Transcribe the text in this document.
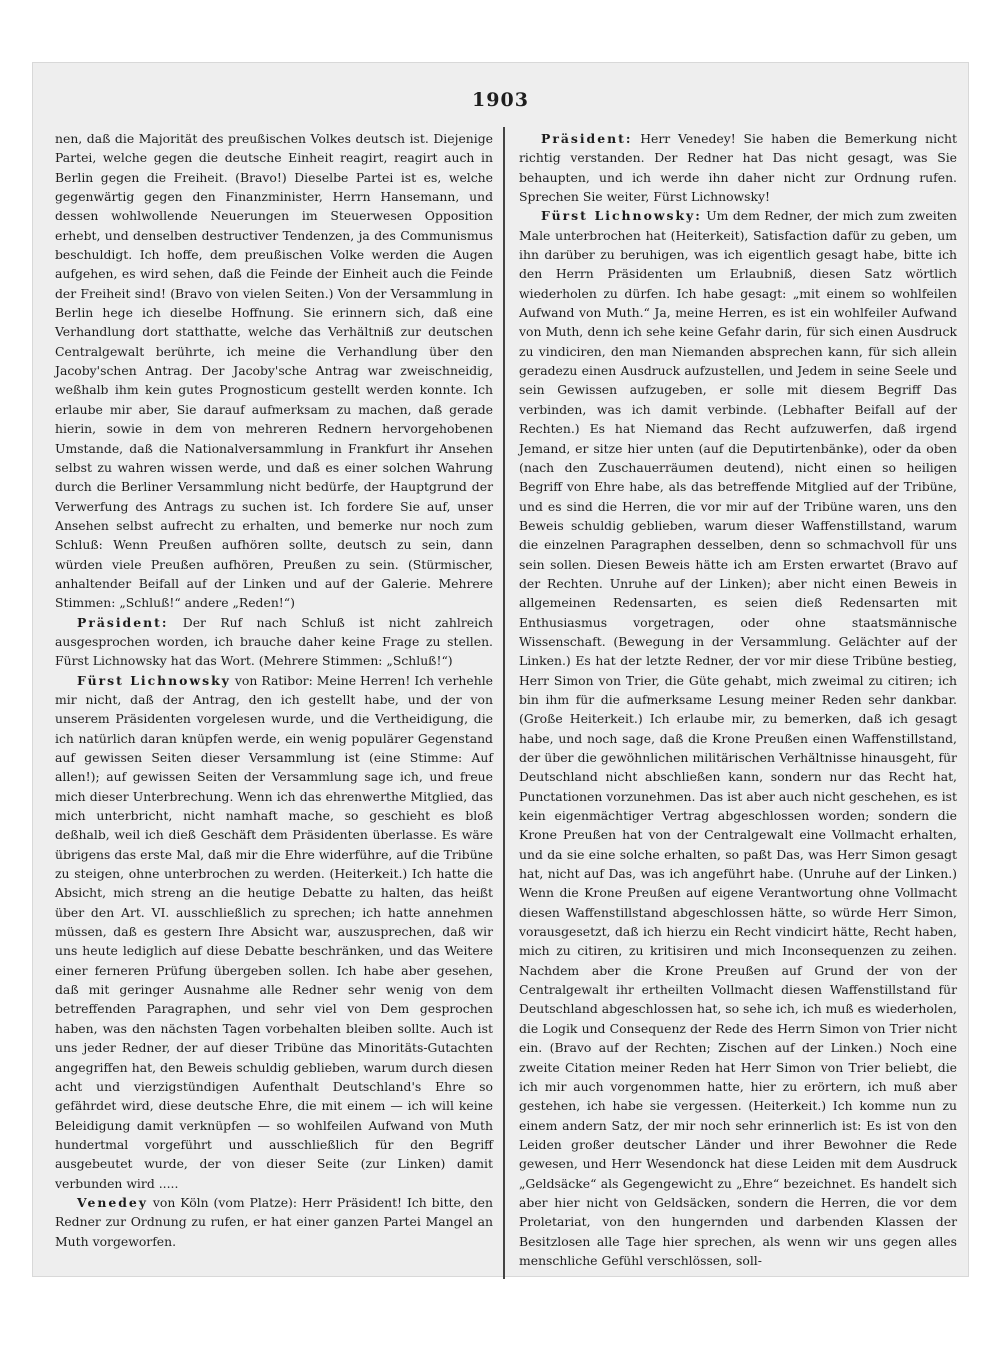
1903

nen, daß die Majorität des preußischen Volkes deutsch ist. Diejenige Partei, welche gegen die deutsche Einheit reagirt, reagirt auch in Berlin gegen die Freiheit. (Bravo!) Dieselbe Partei ist es, welche gegenwärtig gegen den Finanzminister, Herrn Hansemann, und dessen wohlwollende Neuerungen im Steuerwesen Opposition erhebt, und denselben destructiver Tendenzen, ja des Communismus beschuldigt. Ich hoffe, dem preußischen Volke werden die Augen aufgehen, es wird sehen, daß die Feinde der Einheit auch die Feinde der Freiheit sind! (Bravo von vielen Seiten.) Von der Versammlung in Berlin hege ich dieselbe Hoffnung. Sie erinnern sich, daß eine Verhandlung dort statthatte, welche das Verhältniß zur deutschen Centralgewalt berührte, ich meine die Verhandlung über den Jacoby'schen Antrag. Der Jacoby'sche Antrag war zweischneidig, weßhalb ihm kein gutes Prognosticum gestellt werden konnte. Ich erlaube mir aber, Sie darauf aufmerksam zu machen, daß gerade hierin, sowie in dem von mehreren Rednern hervorgehobenen Umstande, daß die Nationalversammlung in Frankfurt ihr Ansehen selbst zu wahren wissen werde, und daß es einer solchen Wahrung durch die Berliner Versammlung nicht bedürfe, der Hauptgrund der Verwerfung des Antrags zu suchen ist. Ich fordere Sie auf, unser Ansehen selbst aufrecht zu erhalten, und bemerke nur noch zum Schluß: Wenn Preußen aufhören sollte, deutsch zu sein, dann würden viele Preußen aufhören, Preußen zu sein. (Stürmischer, anhaltender Beifall auf der Linken und auf der Galerie. Mehrere Stimmen: „Schluß!“ andere „Reden!“)

Präsident: Der Ruf nach Schluß ist nicht zahlreich ausgesprochen worden, ich brauche daher keine Frage zu stellen. Fürst Lichnowsky hat das Wort. (Mehrere Stimmen: „Schluß!“)

Fürst Lichnowsky von Ratibor: Meine Herren! Ich verhehle mir nicht, daß der Antrag, den ich gestellt habe, und der von unserem Präsidenten vorgelesen wurde, und die Vertheidigung, die ich natürlich daran knüpfen werde, ein wenig populärer Gegenstand auf gewissen Seiten dieser Versammlung ist (eine Stimme: Auf allen!); auf gewissen Seiten der Versammlung sage ich, und freue mich dieser Unterbrechung. Wenn ich das ehrenwerthe Mitglied, das mich unterbricht, nicht namhaft mache, so geschieht es bloß deßhalb, weil ich dieß Geschäft dem Präsidenten überlasse. Es wäre übrigens das erste Mal, daß mir die Ehre widerführe, auf die Tribüne zu steigen, ohne unterbrochen zu werden. (Heiterkeit.) Ich hatte die Absicht, mich streng an die heutige Debatte zu halten, das heißt über den Art. VI. ausschließlich zu sprechen; ich hatte annehmen müssen, daß es gestern Ihre Absicht war, auszusprechen, daß wir uns heute lediglich auf diese Debatte beschränken, und das Weitere einer ferneren Prüfung übergeben sollen. Ich habe aber gesehen, daß mit geringer Ausnahme alle Redner sehr wenig von dem betreffenden Paragraphen, und sehr viel von Dem gesprochen haben, was den nächsten Tagen vorbehalten bleiben sollte. Auch ist uns jeder Redner, der auf dieser Tribüne das Minoritäts-Gutachten angegriffen hat, den Beweis schuldig geblieben, warum durch diesen acht und vierzigstündigen Aufenthalt Deutschland's Ehre so gefährdet wird, diese deutsche Ehre, die mit einem — ich will keine Beleidigung damit verknüpfen — so wohlfeilen Aufwand von Muth hundertmal vorgeführt und ausschließlich für den Begriff ausgebeutet wurde, der von dieser Seite (zur Linken) damit verbunden wird .....

Venedey von Köln (vom Platze): Herr Präsident! Ich bitte, den Redner zur Ordnung zu rufen, er hat einer ganzen Partei Mangel an Muth vorgeworfen.

Präsident: Herr Venedey! Sie haben die Bemerkung nicht richtig verstanden. Der Redner hat Das nicht gesagt, was Sie behaupten, und ich werde ihn daher nicht zur Ordnung rufen. Sprechen Sie weiter, Fürst Lichnowsky!

Fürst Lichnowsky: Um dem Redner, der mich zum zweiten Male unterbrochen hat (Heiterkeit), Satisfaction dafür zu geben, um ihn darüber zu beruhigen, was ich eigentlich gesagt habe, bitte ich den Herrn Präsidenten um Erlaubniß, diesen Satz wörtlich wiederholen zu dürfen. Ich habe gesagt: „mit einem so wohlfeilen Aufwand von Muth.“ Ja, meine Herren, es ist ein wohlfeiler Aufwand von Muth, denn ich sehe keine Gefahr darin, für sich einen Ausdruck zu vindiciren, den man Niemanden absprechen kann, für sich allein geradezu einen Ausdruck aufzustellen, und Jedem in seine Seele und sein Gewissen aufzugeben, er solle mit diesem Begriff Das verbinden, was ich damit verbinde. (Lebhafter Beifall auf der Rechten.) Es hat Niemand das Recht aufzuwerfen, daß irgend Jemand, er sitze hier unten (auf die Deputirtenbänke), oder da oben (nach den Zuschauerräumen deutend), nicht einen so heiligen Begriff von Ehre habe, als das betreffende Mitglied auf der Tribüne, und es sind die Herren, die vor mir auf der Tribüne waren, uns den Beweis schuldig geblieben, warum dieser Waffenstillstand, warum die einzelnen Paragraphen desselben, denn so schmachvoll für uns sein sollen. Diesen Beweis hätte ich am Ersten erwartet (Bravo auf der Rechten. Unruhe auf der Linken); aber nicht einen Beweis in allgemeinen Redensarten, es seien dieß Redensarten mit Enthusiasmus vorgetragen, oder ohne staatsmännische Wissenschaft. (Bewegung in der Versammlung. Gelächter auf der Linken.) Es hat der letzte Redner, der vor mir diese Tribüne bestieg, Herr Simon von Trier, die Güte gehabt, mich zweimal zu citiren; ich bin ihm für die aufmerksame Lesung meiner Reden sehr dankbar. (Große Heiterkeit.) Ich erlaube mir, zu bemerken, daß ich gesagt habe, und noch sage, daß die Krone Preußen einen Waffenstillstand, der über die gewöhnlichen militärischen Verhältnisse hinausgeht, für Deutschland nicht abschließen kann, sondern nur das Recht hat, Punctationen vorzunehmen. Das ist aber auch nicht geschehen, es ist kein eigenmächtiger Vertrag abgeschlossen worden; sondern die Krone Preußen hat von der Centralgewalt eine Vollmacht erhalten, und da sie eine solche erhalten, so paßt Das, was Herr Simon gesagt hat, nicht auf Das, was ich angeführt habe. (Unruhe auf der Linken.) Wenn die Krone Preußen auf eigene Verantwortung ohne Vollmacht diesen Waffenstillstand abgeschlossen hätte, so würde Herr Simon, vorausgesetzt, daß ich hierzu ein Recht vindicirt hätte, Recht haben, mich zu citiren, zu kritisiren und mich Inconsequenzen zu zeihen. Nachdem aber die Krone Preußen auf Grund der von der Centralgewalt ihr ertheilten Vollmacht diesen Waffenstillstand für Deutschland abgeschlossen hat, so sehe ich, ich muß es wiederholen, die Logik und Consequenz der Rede des Herrn Simon von Trier nicht ein. (Bravo auf der Rechten; Zischen auf der Linken.) Noch eine zweite Citation meiner Reden hat Herr Simon von Trier beliebt, die ich mir auch vorgenommen hatte, hier zu erörtern, ich muß aber gestehen, ich habe sie vergessen. (Heiterkeit.) Ich komme nun zu einem andern Satz, der mir noch sehr erinnerlich ist: Es ist von den Leiden großer deutscher Länder und ihrer Bewohner die Rede gewesen, und Herr Wesendonck hat diese Leiden mit dem Ausdruck „Geldsäcke“ als Gegengewicht zu „Ehre“ bezeichnet. Es handelt sich aber hier nicht von Geldsäcken, sondern die Herren, die vor dem Proletariat, von den hungernden und darbenden Klassen der Besitzlosen alle Tage hier sprechen, als wenn wir uns gegen alles menschliche Gefühl verschlössen, soll-
